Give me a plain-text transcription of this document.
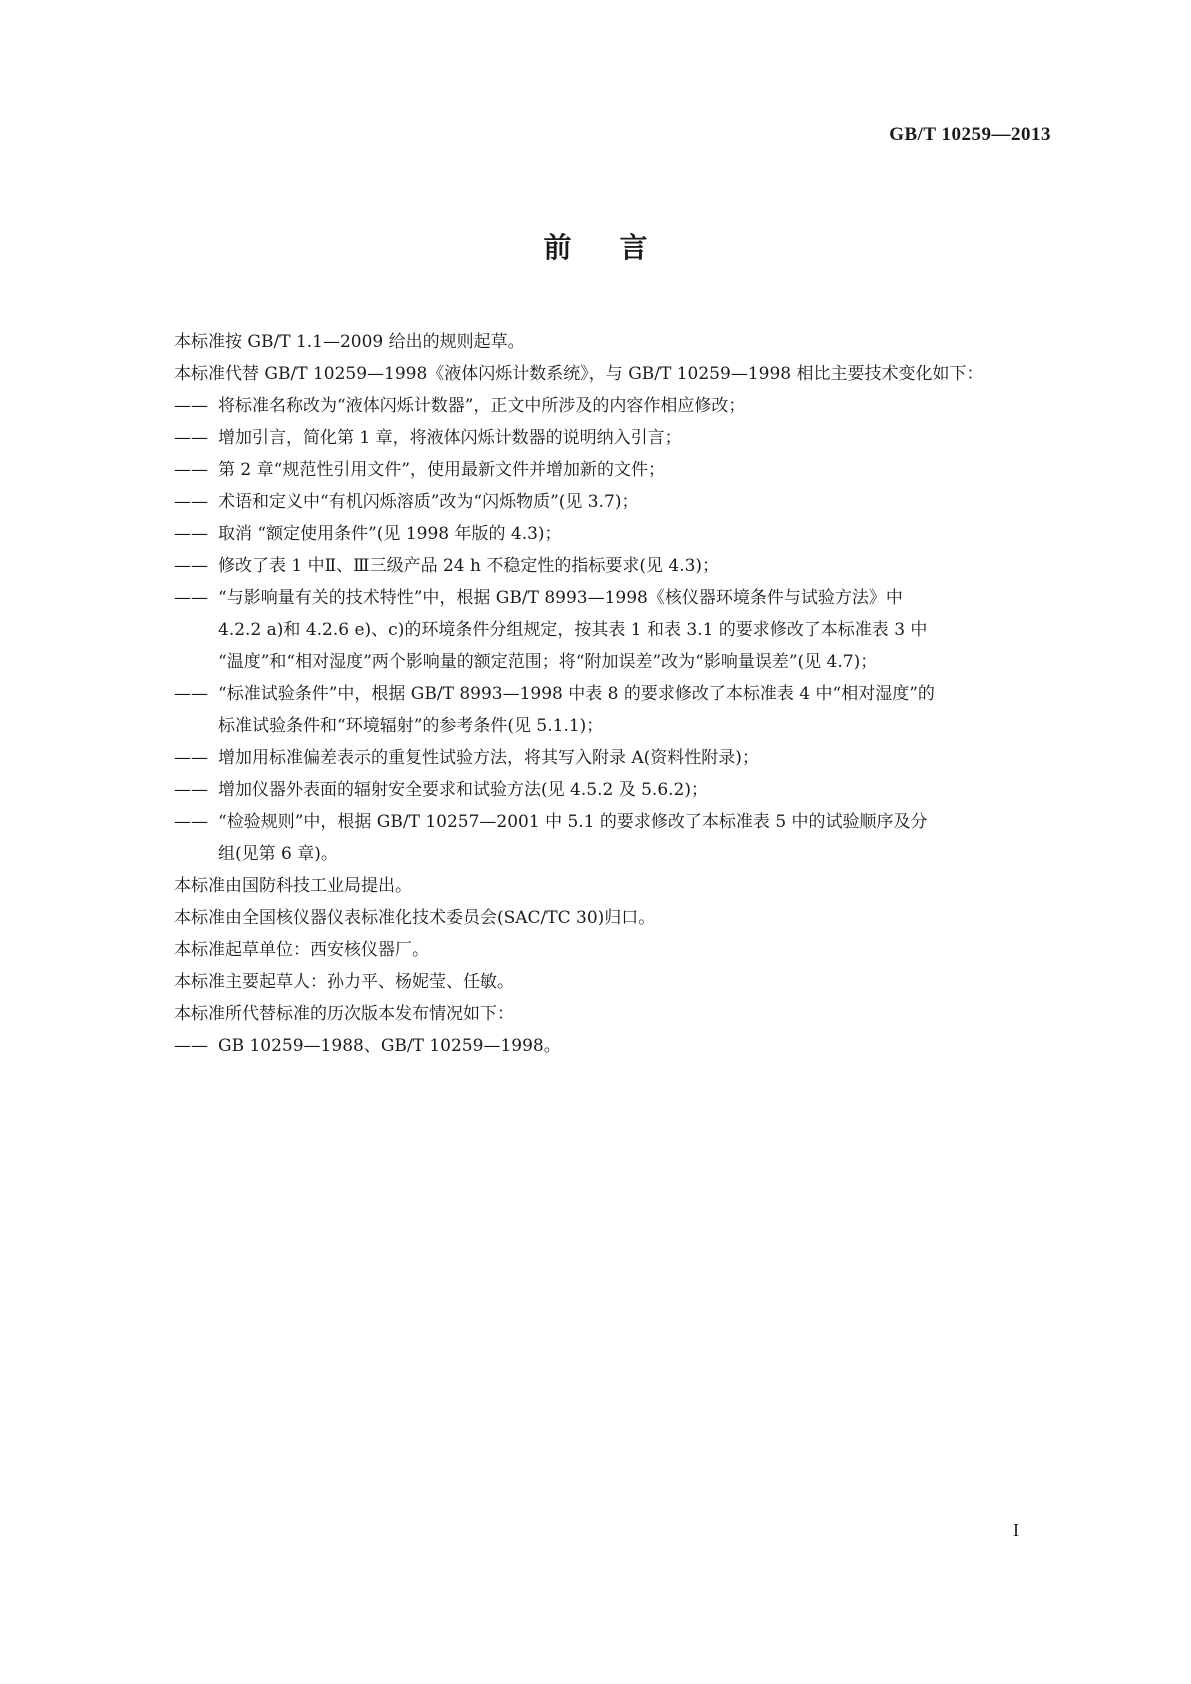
GB/T 10259—2013
前言

本标准按 GB/T 1.1—2009 给出的规则起草。

本标准代替 GB/T 10259—1998《液体闪烁计数系统》，与 GB/T 10259—1998 相比主要技术变化如下：

—— 将标准名称改为“液体闪烁计数器”，正文中所涉及的内容作相应修改；
—— 增加引言，简化第 1 章，将液体闪烁计数器的说明纳入引言；
—— 第 2 章“规范性引用文件”，使用最新文件并增加新的文件；
—— 术语和定义中“有机闪烁溶质”改为“闪烁物质”(见 3.7)；
—— 取消 “额定使用条件”(见 1998 年版的 4.3)；
—— 修改了表 1 中Ⅱ、Ⅲ三级产品 24 h 不稳定性的指标要求(见 4.3)；
—— “与影响量有关的技术特性”中，根据 GB/T 8993—1998《核仪器环境条件与试验方法》中
4.2.2 a)和 4.2.6 e)、c)的环境条件分组规定，按其表 1 和表 3.1 的要求修改了本标准表 3 中
“温度”和“相对湿度”两个影响量的额定范围；将“附加误差”改为“影响量误差”(见 4.7)；
—— “标准试验条件”中，根据 GB/T 8993—1998 中表 8 的要求修改了本标准表 4 中“相对湿度”的
标准试验条件和“环境辐射”的参考条件(见 5.1.1)；
—— 增加用标准偏差表示的重复性试验方法，将其写入附录 A(资料性附录)；
—— 增加仪器外表面的辐射安全要求和试验方法(见 4.5.2 及 5.6.2)；
—— “检验规则”中，根据 GB/T 10257—2001 中 5.1 的要求修改了本标准表 5 中的试验顺序及分
组(见第 6 章)。

本标准由国防科技工业局提出。

本标准由全国核仪器仪表标准化技术委员会(SAC/TC 30)归口。

本标准起草单位：西安核仪器厂。

本标准主要起草人：孙力平、杨妮莹、任敏。

本标准所代替标准的历次版本发布情况如下：

—— GB 10259—1988、GB/T 10259—1998。
I
